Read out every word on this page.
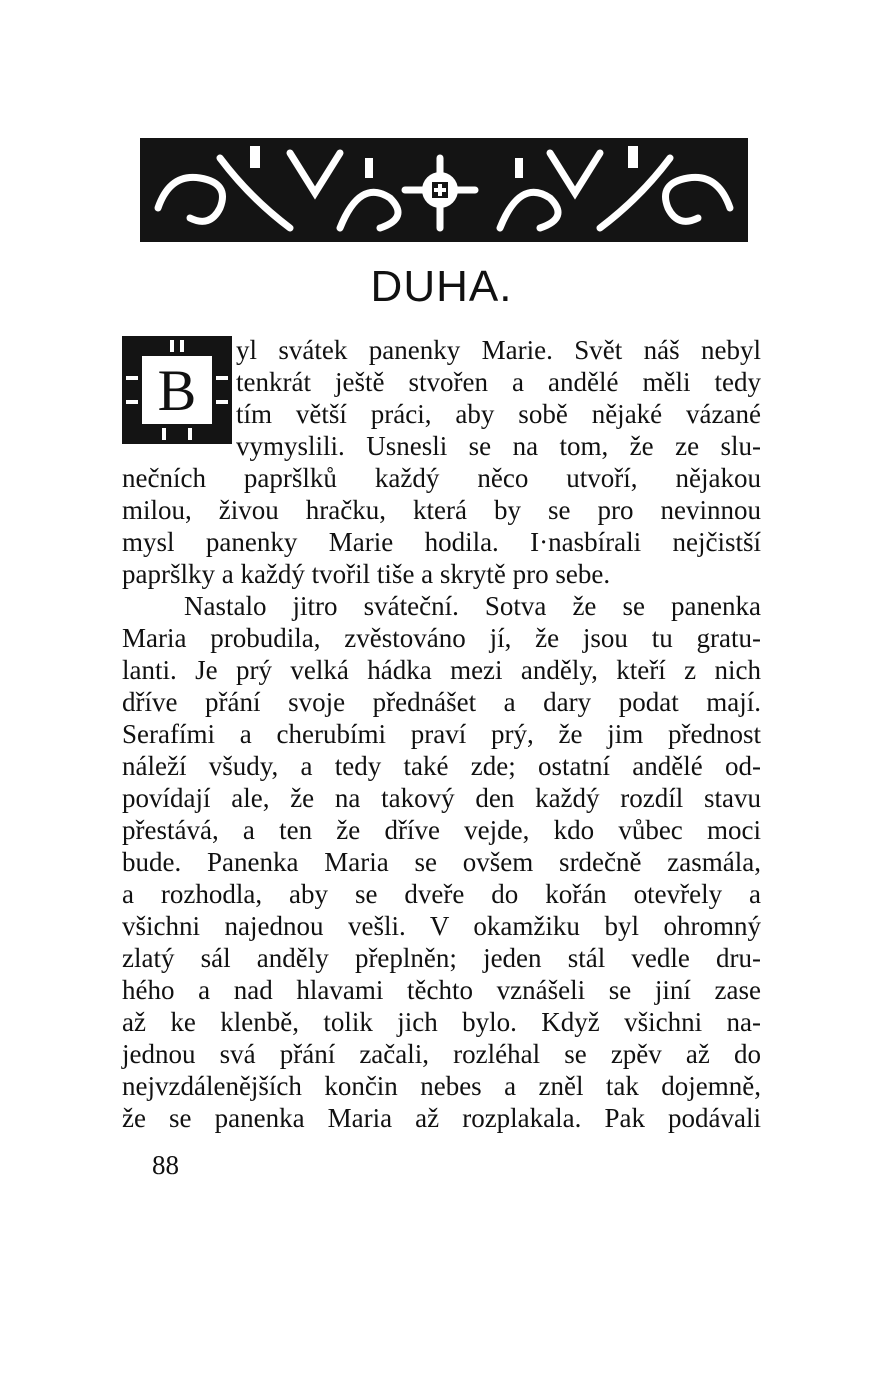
DUHA.
B
yl svátek panenky Marie. Svět náš nebyl
tenkrát ještě stvořen a andělé měli tedy
tím větší práci, aby sobě nějaké vázané
vymyslili. Usnesli se na tom, že ze slu-
nečních papršlků každý něco utvoří, nějakou
milou, živou hračku, která by se pro nevinnou
mysl panenky Marie hodila. I·nasbírali nejčistší
papršlky a každý tvořil tiše a skrytě pro sebe.
Nastalo jitro sváteční. Sotva že se panenka
Maria probudila, zvěstováno jí, že jsou tu gratu-
lanti. Je prý velká hádka mezi anděly, kteří z nich
dříve přání svoje přednášet a dary podat mají.
Serafími a cherubími praví prý, že jim přednost
náleží všudy, a tedy také zde; ostatní andělé od-
povídají ale, že na takový den každý rozdíl stavu
přestává, a ten že dříve vejde, kdo vůbec moci
bude. Panenka Maria se ovšem srdečně zasmála,
a rozhodla, aby se dveře do kořán otevřely a
všichni najednou vešli. V okamžiku byl ohromný
zlatý sál anděly přeplněn; jeden stál vedle dru-
hého a nad hlavami těchto vznášeli se jiní zase
až ke klenbě, tolik jich bylo. Když všichni na-
jednou svá přání začali, rozléhal se zpěv až do
nejvzdálenějších končin nebes a zněl tak dojemně,
že se panenka Maria až rozplakala. Pak podávali
88
